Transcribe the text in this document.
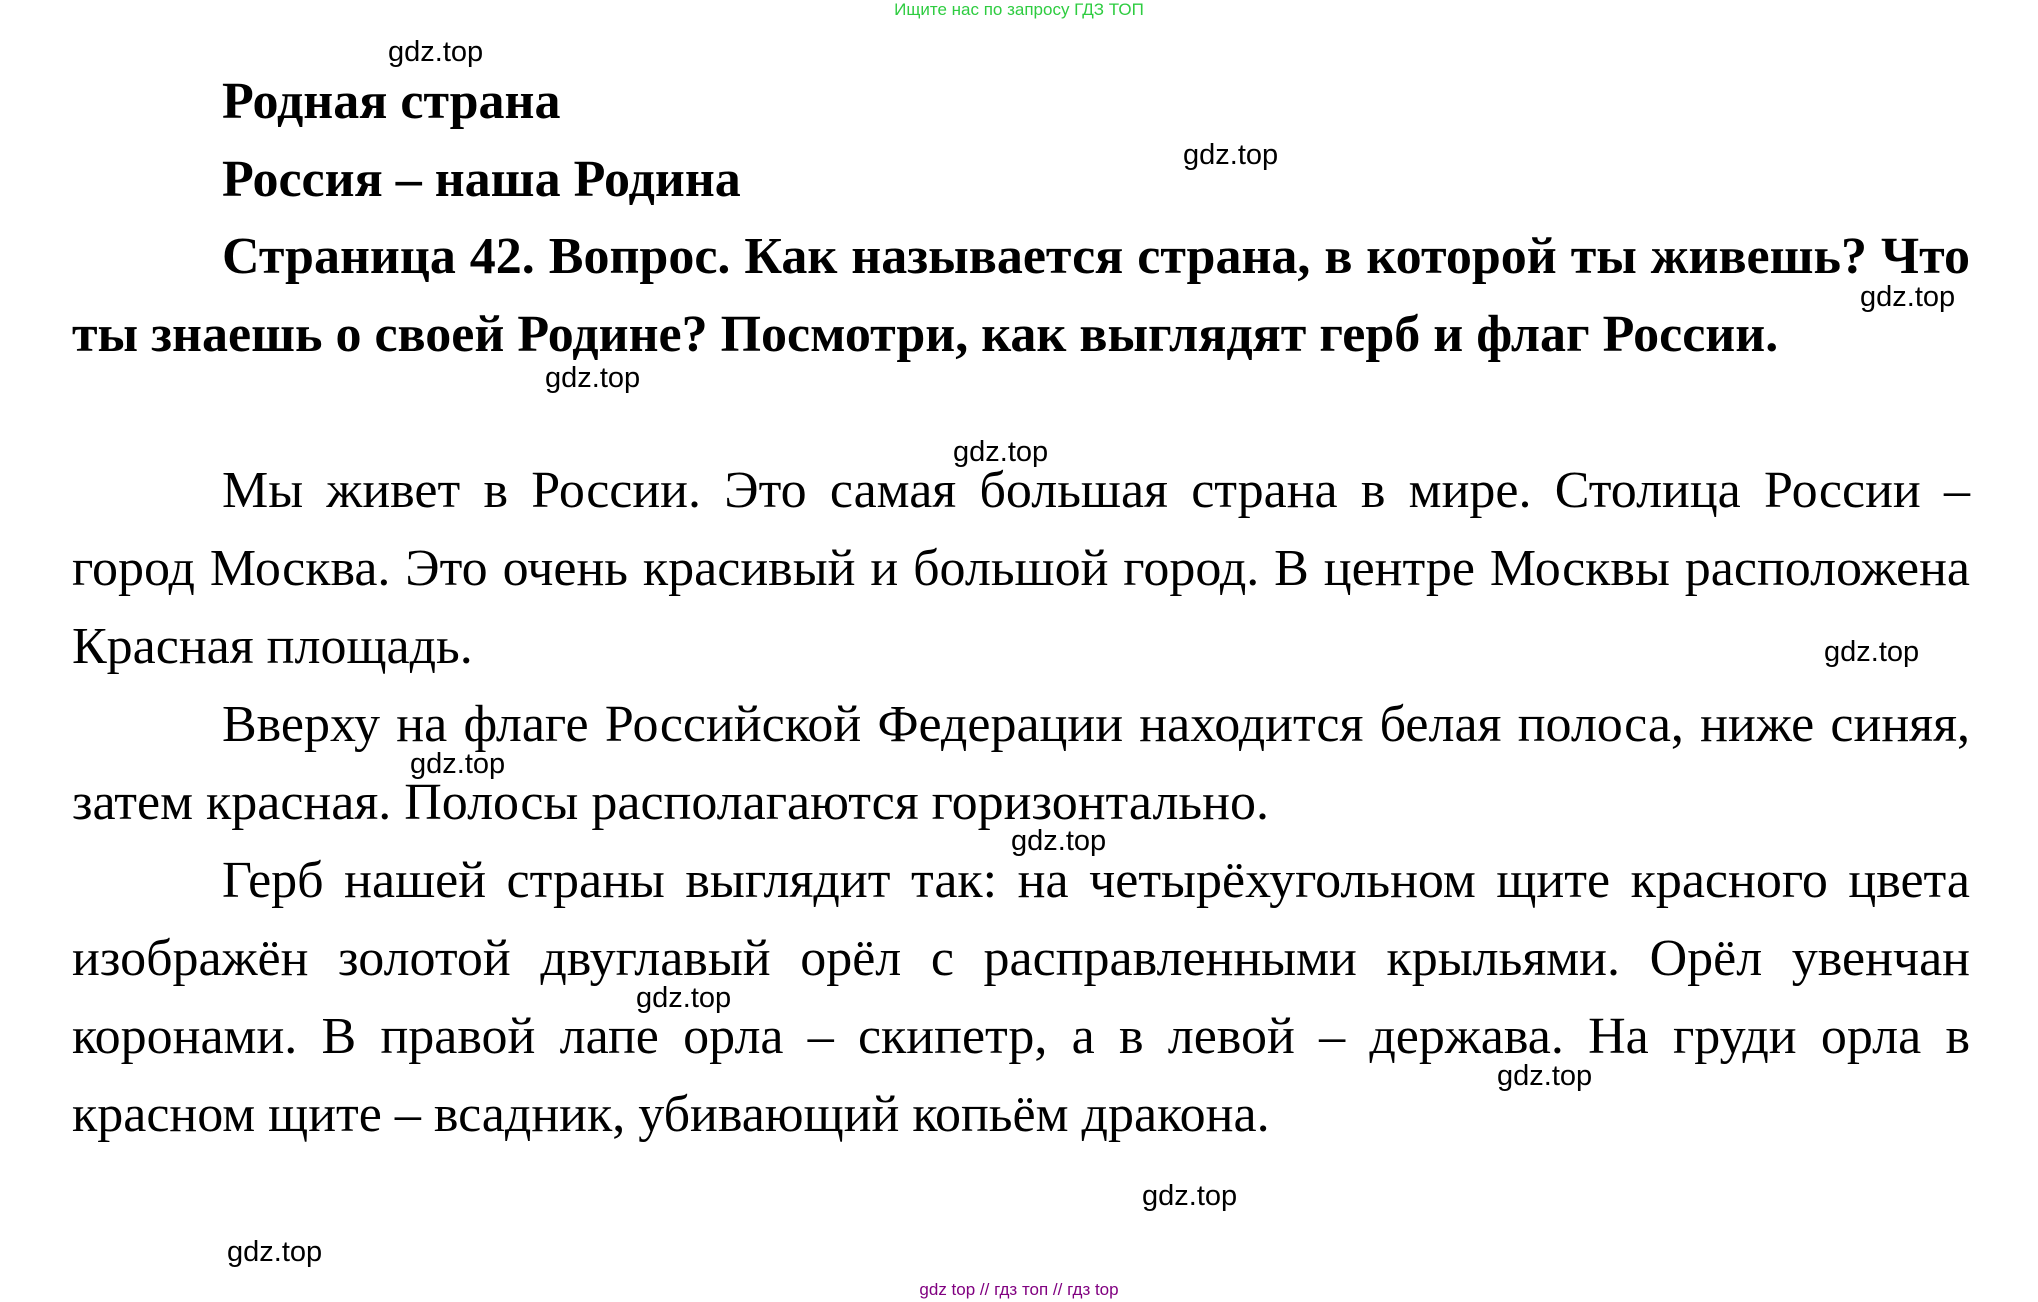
Ищите нас по запросу ГДЗ ТОП
gdz.top
Родная страна
gdz.top
Россия – наша Родина
Страница 42. Вопрос. Как называется страна, в которой ты живешь? Что ты знаешь о своей Родине? Посмотри, как выглядят герб и флаг России.
gdz.top
gdz.top
gdz.top
Мы живет в России. Это самая большая страна в мире. Столица России – город Москва. Это очень красивый и большой город. В центре Москвы расположена Красная площадь.	gdz.top
Вверху на флаге Российской Федерации находится белая полоса, ниже синяя, затем красная. Полосы располагаются горизонтально.
gdz.top
gdz.top
Герб нашей страны выглядит так: на четырёхугольном щите красного цвета изображён золотой двуглавый орёл с расправленными крыльями. Орёл увенчан коронами. В правой лапе орла – скипетр, а в левой – держава. На груди орла в красном щите – всадник, убивающий копьём дракона.
gdz.top
gdz.top
gdz.top
gdz.top
gdz top // гдз топ // гдз top
